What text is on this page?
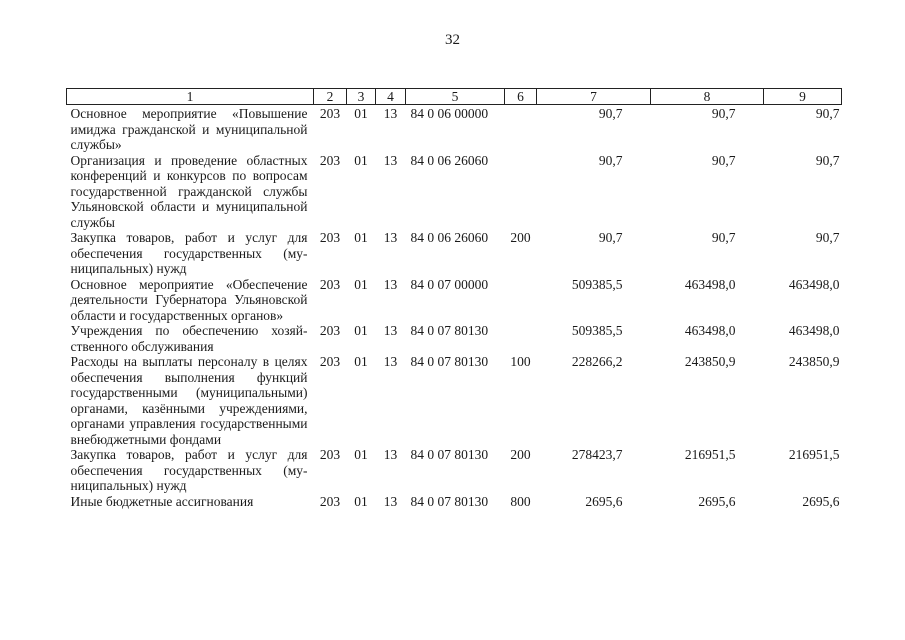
32
1	2	3	4	5	6	7	8	9
Основное мероприятие «Повышение имиджа гражданской и муниципальной службы»	203	01	13	84 0 06 00000		90,7	90,7	90,7
Организация и проведение областных конференций и конкурсов по вопросам государственной гражданской службы Ульяновской области и муниципальной службы	203	01	13	84 0 06 26060		90,7	90,7	90,7
Закупка товаров, работ и услуг для обеспечения государственных (муниципальных) нужд	203	01	13	84 0 06 26060	200	90,7	90,7	90,7
Основное мероприятие «Обеспечение деятельности Губернатора Ульяновской области и государственных органов»	203	01	13	84 0 07 00000		509385,5	463498,0	463498,0
Учреждения по обеспечению хозяйственного обслуживания	203	01	13	84 0 07 80130		509385,5	463498,0	463498,0
Расходы на выплаты персоналу в целях обеспечения выполнения функций государственными (муниципальными) органами, казёнными учреждениями, органами управления государственными внебюджетными фондами	203	01	13	84 0 07 80130	100	228266,2	243850,9	243850,9
Закупка товаров, работ и услуг для обеспечения государственных (муниципальных) нужд	203	01	13	84 0 07 80130	200	278423,7	216951,5	216951,5
Иные бюджетные ассигнования	203	01	13	84 0 07 80130	800	2695,6	2695,6	2695,6
